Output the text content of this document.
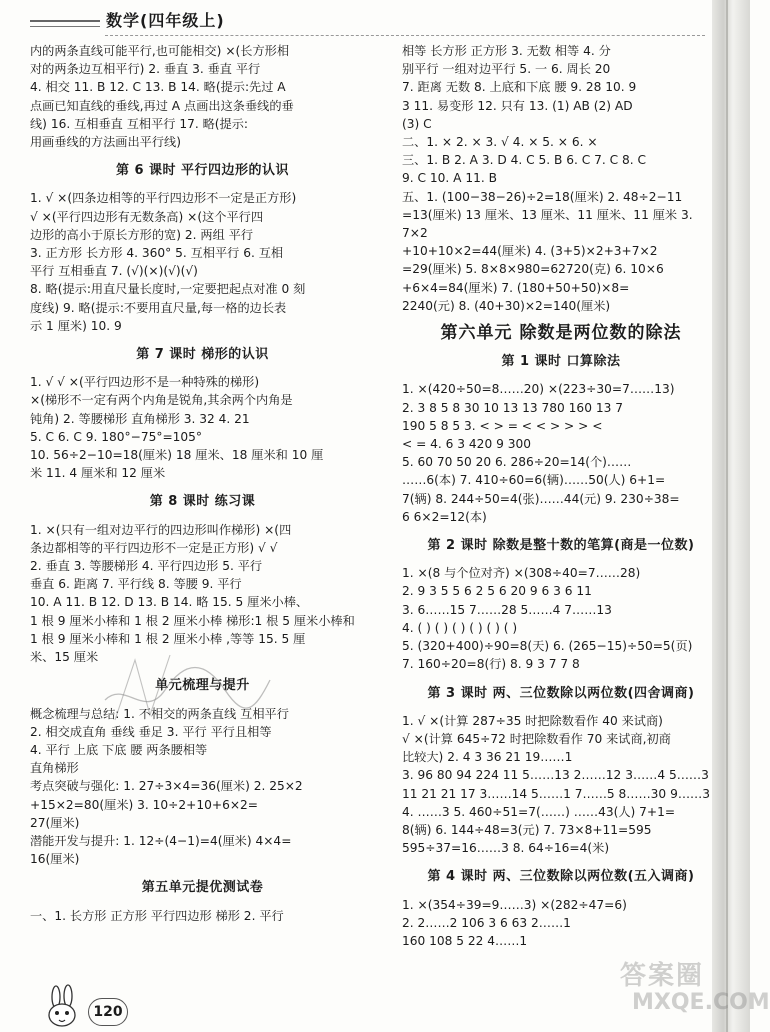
数学(四年级上)

内的两条直线可能平行,也可能相交) ×(长方形相

对的两条边互相平行) 2. 垂直 3. 垂直 平行

4. 相交 11. B 12. C 13. B 14. 略(提示:先过 A

点画已知直线的垂线,再过 A 点画出这条垂线的垂

线) 16. 互相垂直 互相平行 17. 略(提示:

用画垂线的方法画出平行线)

第 6 课时 平行四边形的认识

1. √ ×(四条边相等的平行四边形不一定是正方形)

√ ×(平行四边形有无数条高) ×(这个平行四

边形的高小于原长方形的宽) 2. 两组 平行

3. 正方形 长方形 4. 360° 5. 互相平行 6. 互相

平行 互相垂直 7. (√)(×)(√)(√)

8. 略(提示:用直尺量长度时,一定要把起点对准 0 刻

度线) 9. 略(提示:不要用直尺量,每一格的边长表

示 1 厘米) 10. 9

第 7 课时 梯形的认识

1. √ √ ×(平行四边形不是一种特殊的梯形)

×(梯形不一定有两个内角是锐角,其余两个内角是

钝角) 2. 等腰梯形 直角梯形 3. 32 4. 21

5. C 6. C 9. 180°−75°=105°

10. 56÷2−10=18(厘米) 18 厘米、18 厘米和 10 厘

米 11. 4 厘米和 12 厘米

第 8 课时 练习课

1. ×(只有一组对边平行的四边形叫作梯形) ×(四

条边都相等的平行四边形不一定是正方形) √ √

2. 垂直 3. 等腰梯形 4. 平行四边形 5. 平行

垂直 6. 距离 7. 平行线 8. 等腰 9. 平行

10. A 11. B 12. D 13. B 14. 略 15. 5 厘米小棒、

1 根 9 厘米小棒和 1 根 2 厘米小棒 梯形:1 根 5 厘米小棒和

1 根 9 厘米小棒和 1 根 2 厘米小棒 ,等等 15. 5 厘

米、15 厘米

单元梳理与提升

概念梳理与总结: 1. 不相交的两条直线 互相平行

2. 相交成直角 垂线 垂足 3. 平行 平行且相等

4. 平行 上底 下底 腰 两条腰相等

直角梯形

考点突破与强化: 1. 27÷3×4=36(厘米) 2. 25×2

+15×2=80(厘米) 3. 10÷2+10+6×2=

27(厘米)

潜能开发与提升: 1. 12÷(4−1)=4(厘米) 4×4=

16(厘米)

第五单元提优测试卷

一、1. 长方形 正方形 平行四边形 梯形 2. 平行

相等 长方形 正方形 3. 无数 相等 4. 分

别平行 一组对边平行 5. 一 6. 周长 20

7. 距离 无数 8. 上底和下底 腰 9. 28 10. 9

3 11. 易变形 12. 只有 13. (1) AB (2) AD

(3) C

二、1. × 2. × 3. √ 4. × 5. × 6. ×

三、1. B 2. A 3. D 4. C 5. B 6. C 7. C 8. C

9. C 10. A 11. B

五、1. (100−38−26)÷2=18(厘米) 2. 48÷2−11

=13(厘米) 13 厘米、13 厘米、11 厘米、11 厘米 3. 7×2

+10+10×2=44(厘米) 4. (3+5)×2+3+7×2

=29(厘米) 5. 8×8×980=62720(克) 6. 10×6

+6×4=84(厘米) 7. (180+50+50)×8=

2240(元) 8. (40+30)×2=140(厘米)

第六单元 除数是两位数的除法
第 1 课时 口算除法

1. ×(420÷50=8……20) ×(223÷30=7……13)

2. 3 8 5 8 30 10 13 13 780 160 13 7

190 5 8 5 3. < > = < < > > > <

< = 4. 6 3 420 9 300

5. 60 70 50 20 6. 286÷20=14(个)……

……6(本) 7. 410÷60=6(辆)……50(人) 6+1=

7(辆) 8. 244÷50=4(张)……44(元) 9. 230÷38=

6 6×2=12(本)

第 2 课时 除数是整十数的笔算(商是一位数)

1. ×(8 与个位对齐) ×(308÷40=7……28)

2. 9 3 5 5 6 2 5 6 20 9 6 3 6 11

3. 6……15 7……28 5……4 7……13

4. ( ) ( ) ( ) ( ) ( ) ( )

5. (320+400)÷90=8(天) 6. (265−15)÷50=5(页)

7. 160÷20=8(行) 8. 9 3 7 7 8

第 3 课时 两、三位数除以两位数(四舍调商)

1. √ ×(计算 287÷35 时把除数看作 40 来试商)

√ ×(计算 645÷72 时把除数看作 70 来试商,初商

比较大) 2. 4 3 36 21 19……1

3. 96 80 94 224 11 5……13 2……12 3……4 5……3

11 21 21 17 3……14 5……1 7……5 8……30 9……3

4. ……3 5. 460÷51=7(……) ……43(人) 7+1=

8(辆) 6. 144÷48=3(元) 7. 73×8+11=595

595÷37=16……3 8. 64÷16=4(米)

第 4 课时 两、三位数除以两位数(五入调商)

1. ×(354÷39=9……3) ×(282÷47=6)

2. 2……2 106 3 6 63 2……1

160 108 5 22 4……1

120
答案圈
MXQE.COM
